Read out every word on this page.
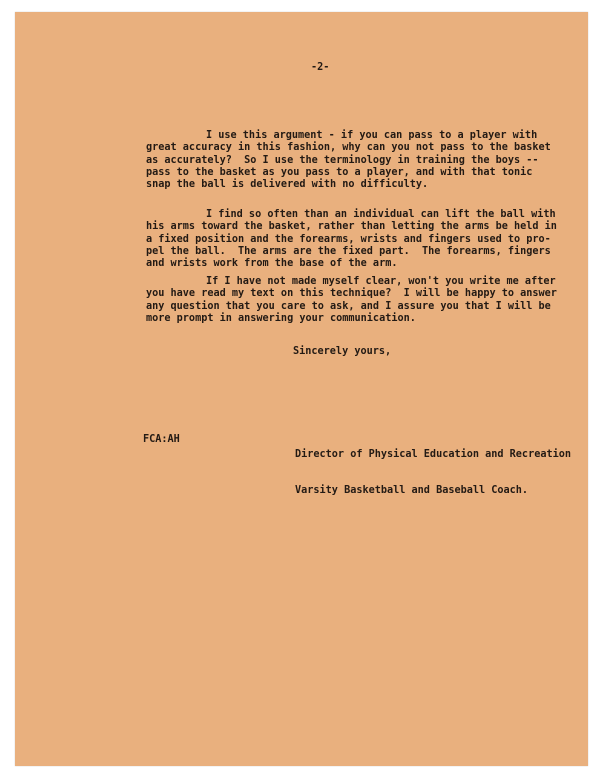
-2-
I use this argument - if you can pass to a player with
great accuracy in this fashion, why can you not pass to the basket
as accurately?  So I use the terminology in training the boys --
pass to the basket as you pass to a player, and with that tonic
snap the ball is delivered with no difficulty.
I find so often than an individual can lift the ball with
his arms toward the basket, rather than letting the arms be held in
a fixed position and the forearms, wrists and fingers used to pro-
pel the ball.  The arms are the fixed part.  The forearms, fingers
and wrists work from the base of the arm.
If I have not made myself clear, won't you write me after
you have read my text on this technique?  I will be happy to answer
any question that you care to ask, and I assure you that I will be
more prompt in answering your communication.
Sincerely yours,
FCA:AH

Director of Physical Education and Recreation

Varsity Basketball and Baseball Coach.
